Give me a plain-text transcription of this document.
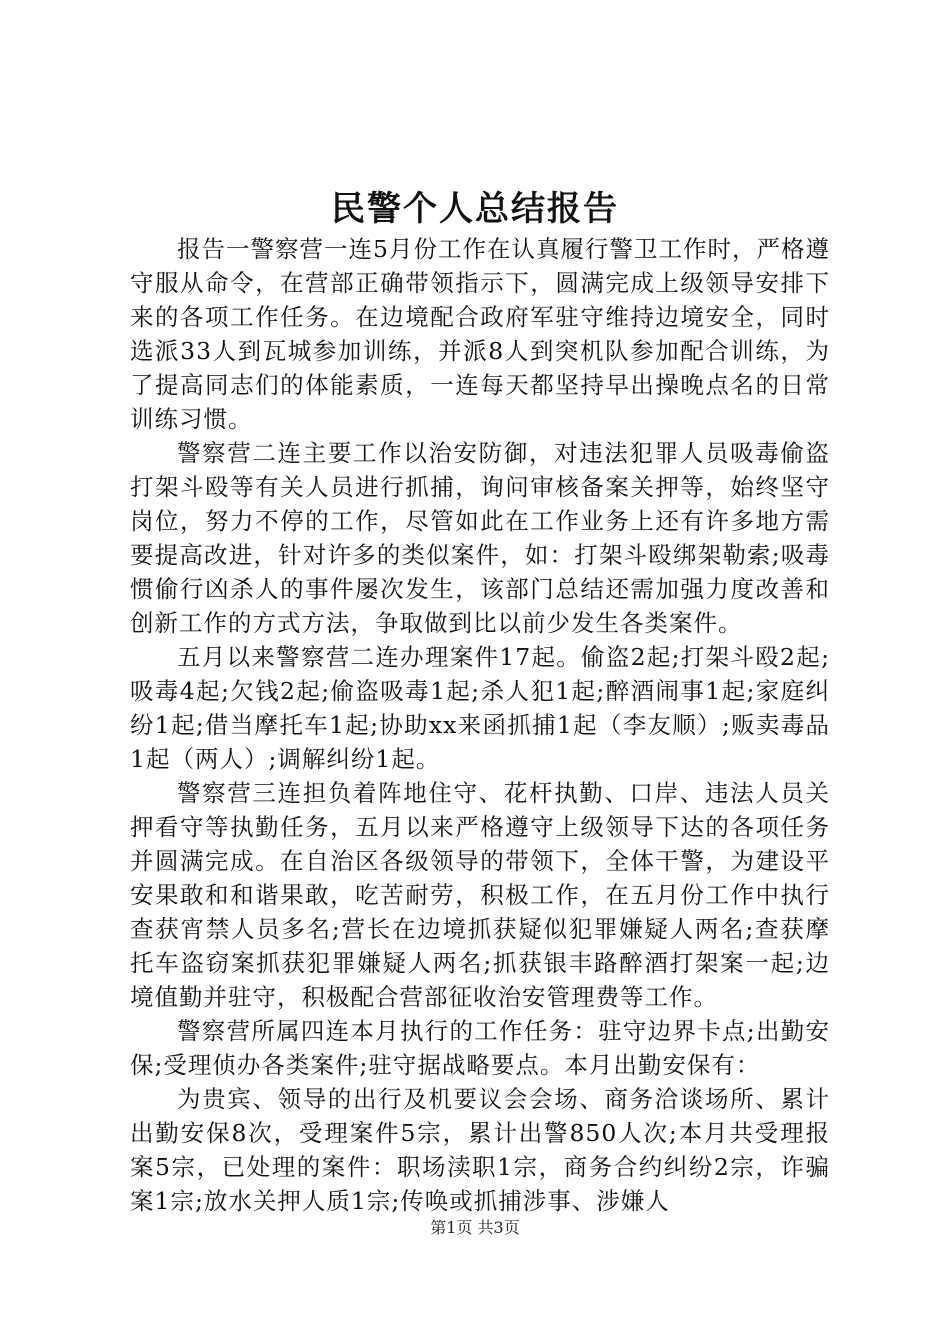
民警个人总结报告

报告一警察营一连5月份工作在认真履行警卫工作时，严格遵守服从命令，在营部正确带领指示下，圆满完成上级领导安排下来的各项工作任务。在边境配合政府军驻守维持边境安全，同时选派33人到瓦城参加训练，并派8人到突机队参加配合训练，为了提高同志们的体能素质，一连每天都坚持早出操晚点名的日常训练习惯。

警察营二连主要工作以治安防御，对违法犯罪人员吸毒偷盗打架斗殴等有关人员进行抓捕，询问审核备案关押等，始终坚守岗位，努力不停的工作，尽管如此在工作业务上还有许多地方需要提高改进，针对许多的类似案件，如：打架斗殴绑架勒索;吸毒惯偷行凶杀人的事件屡次发生，该部门总结还需加强力度改善和创新工作的方式方法，争取做到比以前少发生各类案件。

五月以来警察营二连办理案件17起。偷盗2起;打架斗殴2起;吸毒4起;欠钱2起;偷盗吸毒1起;杀人犯1起;醉酒闹事1起;家庭纠纷1起;借当摩托车1起;协助xx来函抓捕1起（李友顺）;贩卖毒品1起（两人）;调解纠纷1起。

警察营三连担负着阵地住守、花杆执勤、口岸、违法人员关押看守等执勤任务，五月以来严格遵守上级领导下达的各项任务并圆满完成。在自治区各级领导的带领下，全体干警，为建设平安果敢和和谐果敢，吃苦耐劳，积极工作，在五月份工作中执行查获宵禁人员多名;营长在边境抓获疑似犯罪嫌疑人两名;查获摩托车盗窃案抓获犯罪嫌疑人两名;抓获银丰路醉酒打架案一起;边境值勤并驻守，积极配合营部征收治安管理费等工作。

警察营所属四连本月执行的工作任务：驻守边界卡点;出勤安保;受理侦办各类案件;驻守据战略要点。本月出勤安保有：

为贵宾、领导的出行及机要议会会场、商务洽谈场所、累计出勤安保8次，受理案件5宗，累计出警850人次;本月共受理报案5宗，已处理的案件：职场渎职1宗，商务合约纠纷2宗，诈骗案1宗;放水关押人质1宗;传唤或抓捕涉事、涉嫌人

第1页 共3页
